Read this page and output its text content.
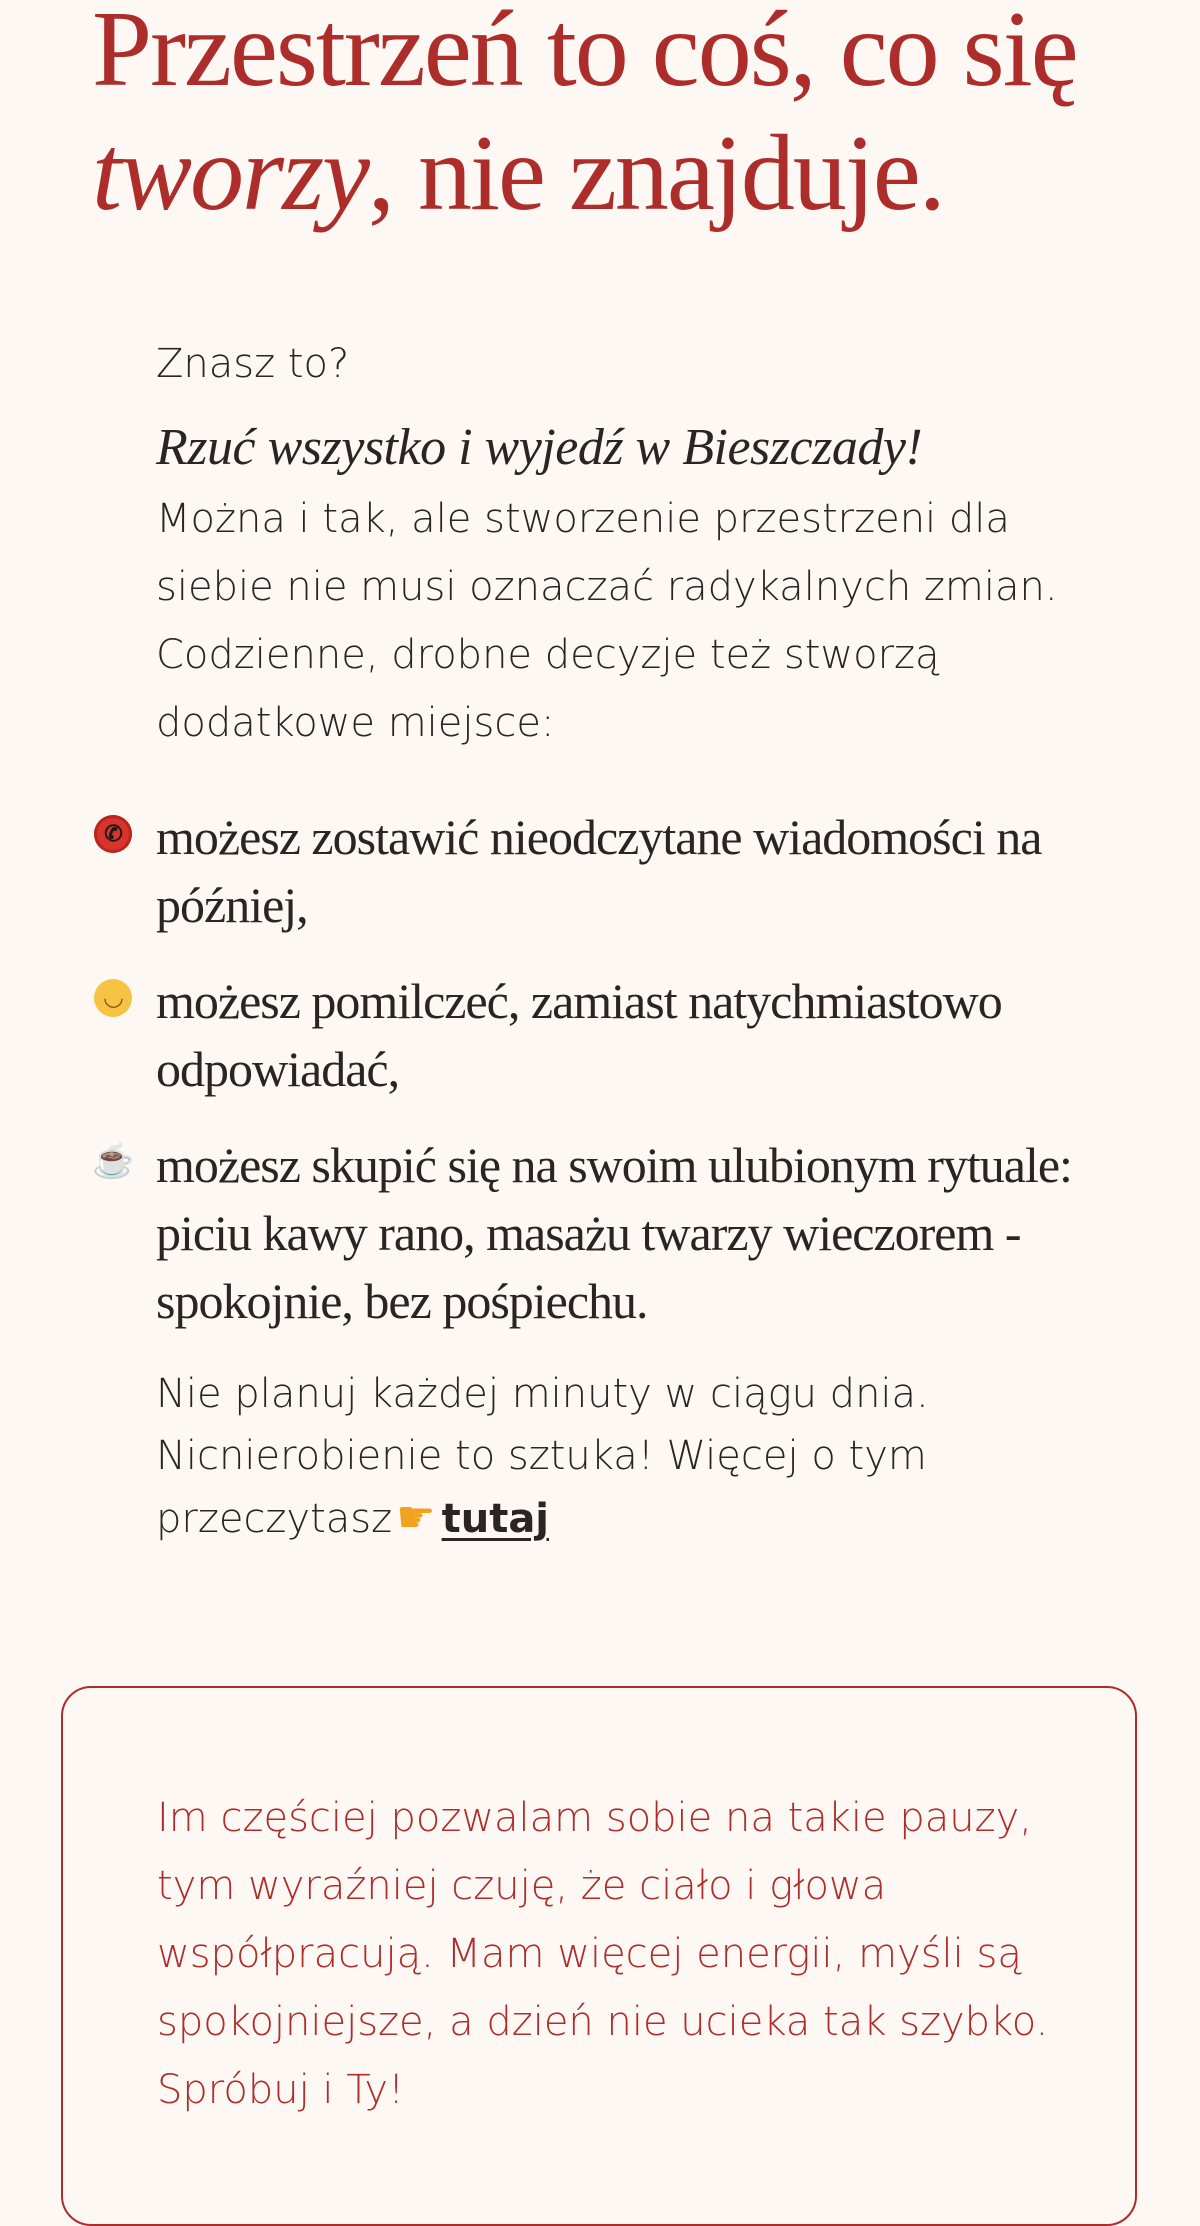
Przestrzeń to coś, co się
tworzy, nie znajduje.

Znasz to?

Rzuć wszystko i wyjedź w Bieszczady!
Można i tak, ale stworzenie przestrzeni dla siebie nie musi oznaczać radykalnych zmian. Codzienne, drobne decyzje też stworzą dodatkowe miejsce:

✆ możesz zostawić nieodczytane wiadomości na później,
◡ możesz pomilczeć, zamiast natychmiastowo odpowiadać,
☕ możesz skupić się na swoim ulubionym rytuale: piciu kawy rano, masażu twarzy wieczorem - spokojnie, bez pośpiechu.

Nie planuj każdej minuty w ciągu dnia. Nicnierobienie to sztuka! Więcej o tym przeczytasz☛ tutaj

Im częściej pozwalam sobie na takie pauzy, tym wyraźniej czuję, że ciało i głowa współpracują. Mam więcej energii, myśli są spokojniejsze, a dzień nie ucieka tak szybko. Spróbuj i Ty!
